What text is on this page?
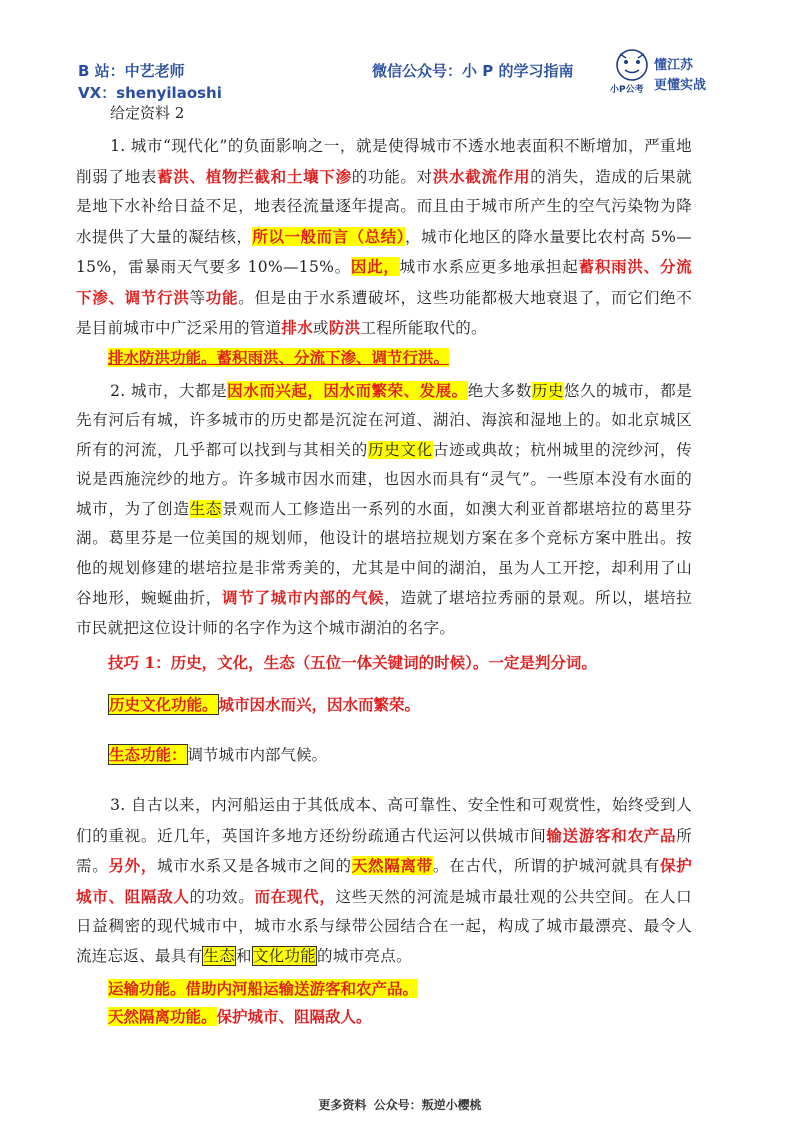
B 站：中艺老师
VX：shenyilaoshi
微信公众号：小 P 的学习指南
小P公考
懂江苏
更懂实战
给定资料 2

1. 城市“现代化”的负面影响之一，就是使得城市不透水地表面积不断增加，严重地削弱了地表蓄洪、植物拦截和土壤下渗的功能。对洪水截流作用的消失，造成的后果就是地下水补给日益不足，地表径流量逐年提高。而且由于城市所产生的空气污染物为降水提供了大量的凝结核，所以一般而言（总结），城市化地区的降水量要比农村高 5%—15%，雷暴雨天气要多 10%—15%。因此，城市水系应更多地承担起蓄积雨洪、分流下渗、调节行洪等功能。但是由于水系遭破坏，这些功能都极大地衰退了，而它们绝不是目前城市中广泛采用的管道排水或防洪工程所能取代的。

排水防洪功能。蓄积雨洪、分流下渗、调节行洪。

2. 城市，大都是因水而兴起，因水而繁荣、发展。绝大多数历史悠久的城市，都是先有河后有城，许多城市的历史都是沉淀在河道、湖泊、海滨和湿地上的。如北京城区所有的河流，几乎都可以找到与其相关的历史文化古迹或典故；杭州城里的浣纱河，传说是西施浣纱的地方。许多城市因水而建，也因水而具有“灵气”。一些原本没有水面的城市，为了创造生态景观而人工修造出一系列的水面，如澳大利亚首都堪培拉的葛里芬湖。葛里芬是一位美国的规划师，他设计的堪培拉规划方案在多个竞标方案中胜出。按他的规划修建的堪培拉是非常秀美的，尤其是中间的湖泊，虽为人工开挖，却利用了山谷地形，蜿蜒曲折，调节了城市内部的气候，造就了堪培拉秀丽的景观。所以，堪培拉市民就把这位设计师的名字作为这个城市湖泊的名字。

技巧 1：历史，文化，生态（五位一体关键词的时候）。一定是判分词。
历史文化功能。城市因水而兴，因水而繁荣。
生态功能：调节城市内部气候。

3. 自古以来，内河船运由于其低成本、高可靠性、安全性和可观赏性，始终受到人们的重视。近几年，英国许多地方还纷纷疏通古代运河以供城市间输送游客和农产品所需。另外，城市水系又是各城市之间的天然隔离带。在古代，所谓的护城河就具有保护城市、阻隔敌人的功效。而在现代，这些天然的河流是城市最壮观的公共空间。在人口日益稠密的现代城市中，城市水系与绿带公园结合在一起，构成了城市最漂亮、最令人流连忘返、最具有生态和文化功能的城市亮点。

运输功能。借助内河船运输送游客和农产品。
天然隔离功能。保护城市、阻隔敌人。
更多资料 公众号：叛逆小樱桃
